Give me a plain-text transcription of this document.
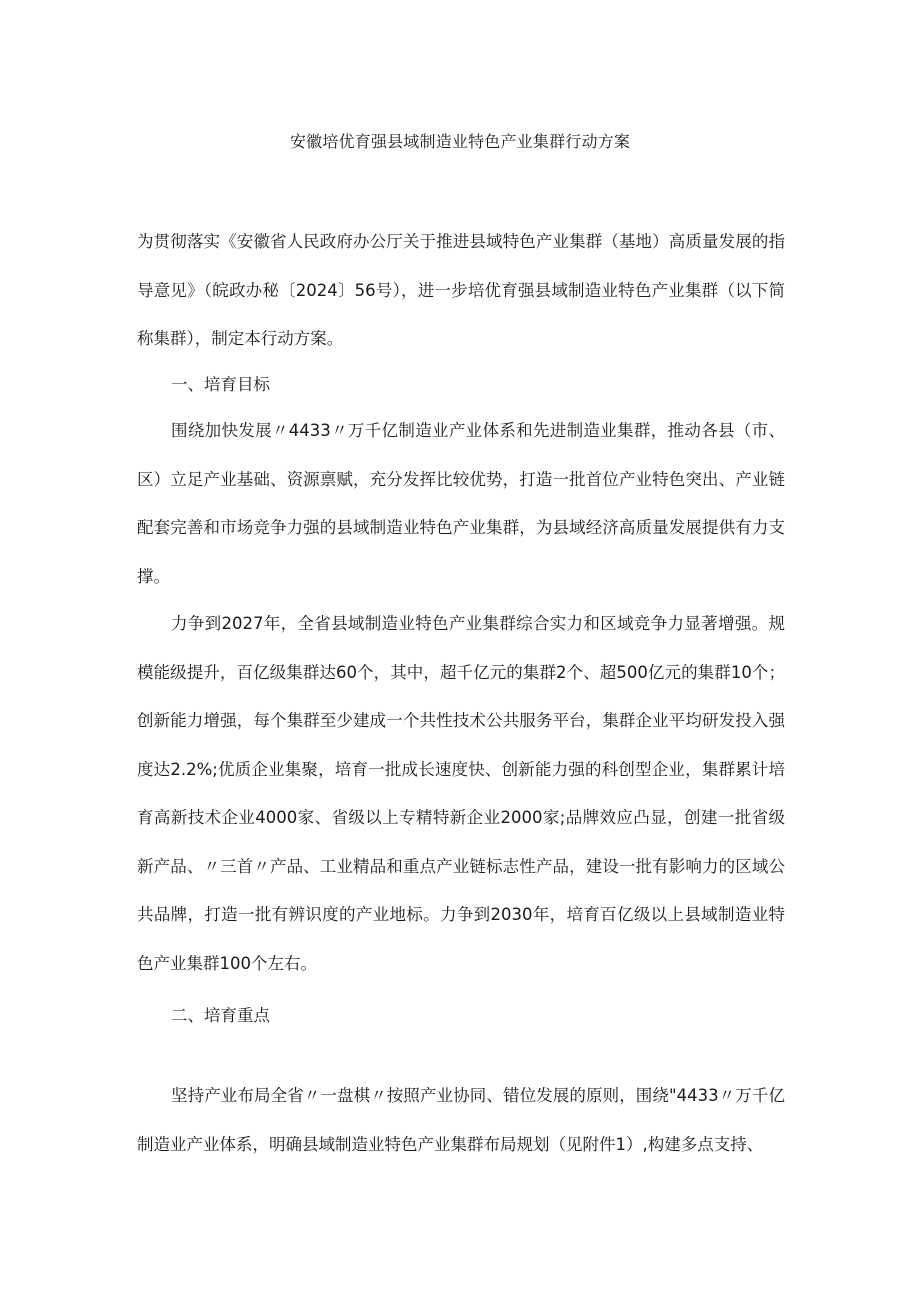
安徽培优育强县域制造业特色产业集群行动方案

为贯彻落实《安徽省人民政府办公厅关于推进县域特色产业集群（基地）高质量发展的指导意见》（皖政办秘〔2024〕56号），进一步培优育强县域制造业特色产业集群（以下简称集群），制定本行动方案。

一、培育目标

围绕加快发展〃4433〃万千亿制造业产业体系和先进制造业集群，推动各县（市、区）立足产业基础、资源禀赋，充分发挥比较优势，打造一批首位产业特色突出、产业链配套完善和市场竞争力强的县域制造业特色产业集群，为县域经济高质量发展提供有力支撑。

力争到2027年，全省县域制造业特色产业集群综合实力和区域竞争力显著增强。规模能级提升，百亿级集群达60个，其中，超千亿元的集群2个、超500亿元的集群10个；创新能力增强，每个集群至少建成一个共性技术公共服务平台，集群企业平均研发投入强度达2.2%;优质企业集聚，培育一批成长速度快、创新能力强的科创型企业，集群累计培育高新技术企业4000家、省级以上专精特新企业2000家;品牌效应凸显，创建一批省级新产品、〃三首〃产品、工业精品和重点产业链标志性产品，建设一批有影响力的区域公共品牌，打造一批有辨识度的产业地标。力争到2030年，培育百亿级以上县域制造业特色产业集群100个左右。

二、培育重点

坚持产业布局全省〃一盘棋〃按照产业协同、错位发展的原则，围绕"4433〃万千亿制造业产业体系，明确县域制造业特色产业集群布局规划（见附件1）,构建多点支持、
